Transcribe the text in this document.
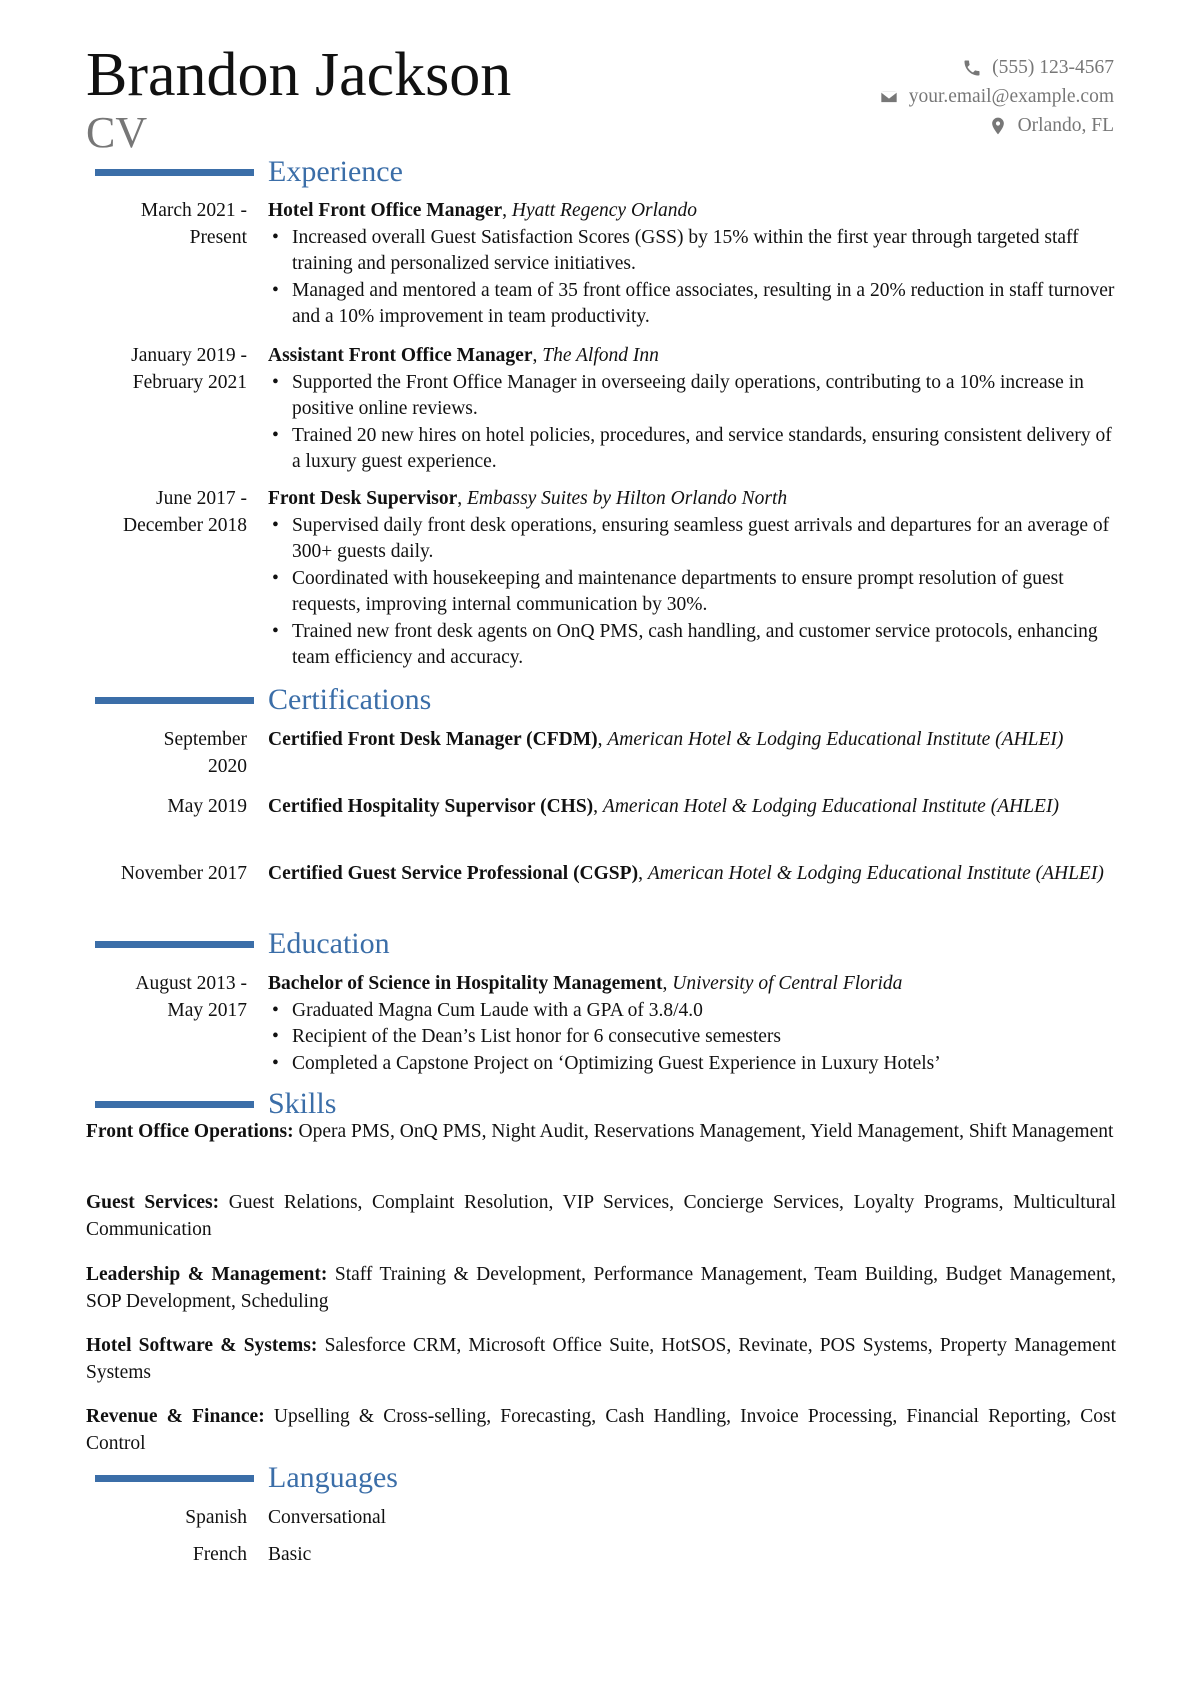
Brandon Jackson
CV
(555) 123-4567
your.email@example.com
Orlando, FL
Experience
March 2021 -
Present
Hotel Front Office Manager, Hyatt Regency Orlando
• Increased overall Guest Satisfaction Scores (GSS) by 15% within the first year through targeted staff training and personalized service initiatives.
• Managed and mentored a team of 35 front office associates, resulting in a 20% reduction in staff turnover and a 10% improvement in team productivity.
January 2019 -
February 2021
Assistant Front Office Manager, The Alfond Inn
• Supported the Front Office Manager in overseeing daily operations, contributing to a 10% increase in positive online reviews.
• Trained 20 new hires on hotel policies, procedures, and service standards, ensuring consistent delivery of a luxury guest experience.
June 2017 -
December 2018
Front Desk Supervisor, Embassy Suites by Hilton Orlando North
• Supervised daily front desk operations, ensuring seamless guest arrivals and departures for an average of 300+ guests daily.
• Coordinated with housekeeping and maintenance departments to ensure prompt resolution of guest requests, improving internal communication by 30%.
• Trained new front desk agents on OnQ PMS, cash handling, and customer service protocols, enhancing team efficiency and accuracy.
Certifications
September
2020
Certified Front Desk Manager (CFDM), American Hotel & Lodging Educational Institute (AHLEI)
May 2019 Certified Hospitality Supervisor (CHS), American Hotel & Lodging Educational Institute (AHLEI)
November 2017 Certified Guest Service Professional (CGSP), American Hotel & Lodging Educational Institute (AHLEI)
Education
August 2013 -
May 2017
Bachelor of Science in Hospitality Management, University of Central Florida
• Graduated Magna Cum Laude with a GPA of 3.8/4.0
• Recipient of the Dean’s List honor for 6 consecutive semesters
• Completed a Capstone Project on ‘Optimizing Guest Experience in Luxury Hotels’
Skills
Front Office Operations: Opera PMS, OnQ PMS, Night Audit, Reservations Management, Yield Management, Shift Management
Guest Services: Guest Relations, Complaint Resolution, VIP Services, Concierge Services, Loyalty Programs, Multicultural Communication
Leadership & Management: Staff Training & Development, Performance Management, Team Building, Budget Management, SOP Development, Scheduling
Hotel Software & Systems: Salesforce CRM, Microsoft Office Suite, HotSOS, Revinate, POS Systems, Property Management Systems
Revenue & Finance: Upselling & Cross-selling, Forecasting, Cash Handling, Invoice Processing, Financial Reporting, Cost Control
Languages
Spanish Conversational
French Basic
